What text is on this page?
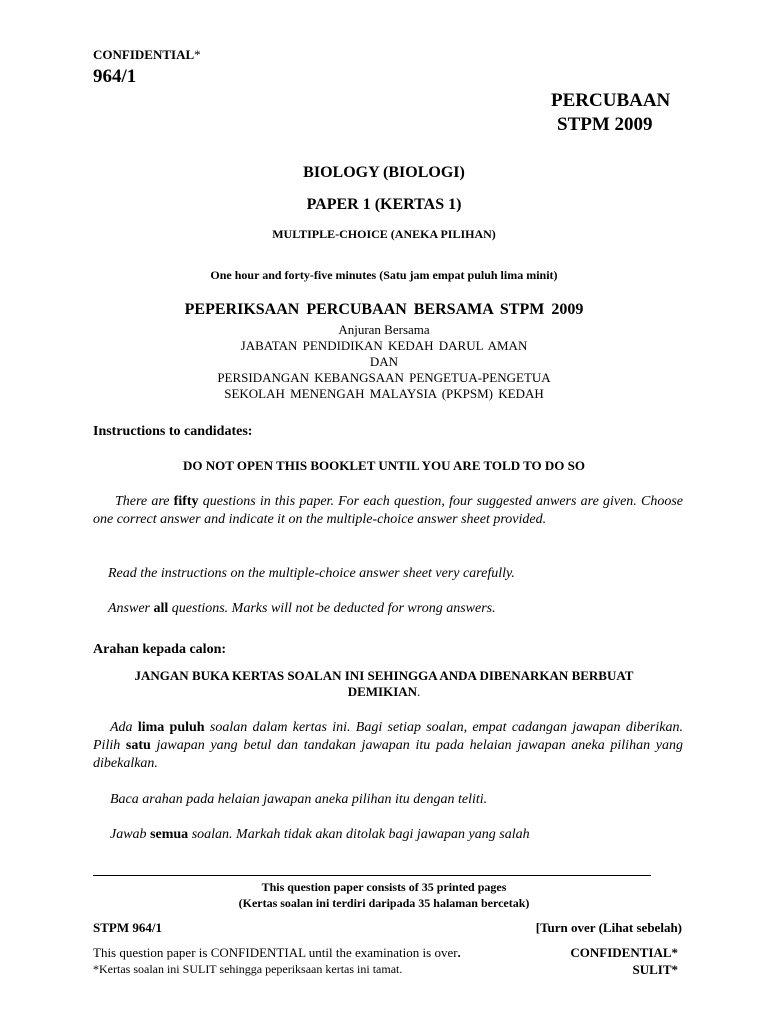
CONFIDENTIAL*
964/1
PERCUBAAN
STPM 2009
BIOLOGY (BIOLOGI)
PAPER 1 (KERTAS 1)
MULTIPLE-CHOICE (ANEKA PILIHAN)
One hour and forty-five minutes (Satu jam empat puluh lima minit)
PEPERIKSAAN PERCUBAAN BERSAMA STPM 2009
Anjuran Bersama
JABATAN PENDIDIKAN KEDAH DARUL AMAN
DAN
PERSIDANGAN KEBANGSAAN PENGETUA-PENGETUA
SEKOLAH MENENGAH MALAYSIA (PKPSM) KEDAH
Instructions to candidates:
DO NOT OPEN THIS BOOKLET UNTIL YOU ARE TOLD TO DO SO
There are fifty questions in this paper. For each question, four suggested anwers are given. Choose one correct answer and indicate it on the multiple-choice answer sheet provided.
Read the instructions on the multiple-choice answer sheet very carefully.
Answer all questions. Marks will not be deducted for wrong answers.
Arahan kepada calon:
JANGAN BUKA KERTAS SOALAN INI SEHINGGA ANDA DIBENARKAN BERBUAT
DEMIKIAN.
Ada lima puluh soalan dalam kertas ini. Bagi setiap soalan, empat cadangan jawapan diberikan. Pilih satu jawapan yang betul dan tandakan jawapan itu pada helaian jawapan aneka pilihan yang dibekalkan.
Baca arahan pada helaian jawapan aneka pilihan itu dengan teliti.
Jawab semua soalan. Markah tidak akan ditolak bagi jawapan yang salah
This question paper consists of 35 printed pages
(Kertas soalan ini terdiri daripada 35 halaman bercetak)
STPM 964/1	[Turn over (Lihat sebelah)
This question paper is CONFIDENTIAL until the examination is over.	CONFIDENTIAL*
*Kertas soalan ini SULIT sehingga peperiksaan kertas ini tamat.	SULIT*
